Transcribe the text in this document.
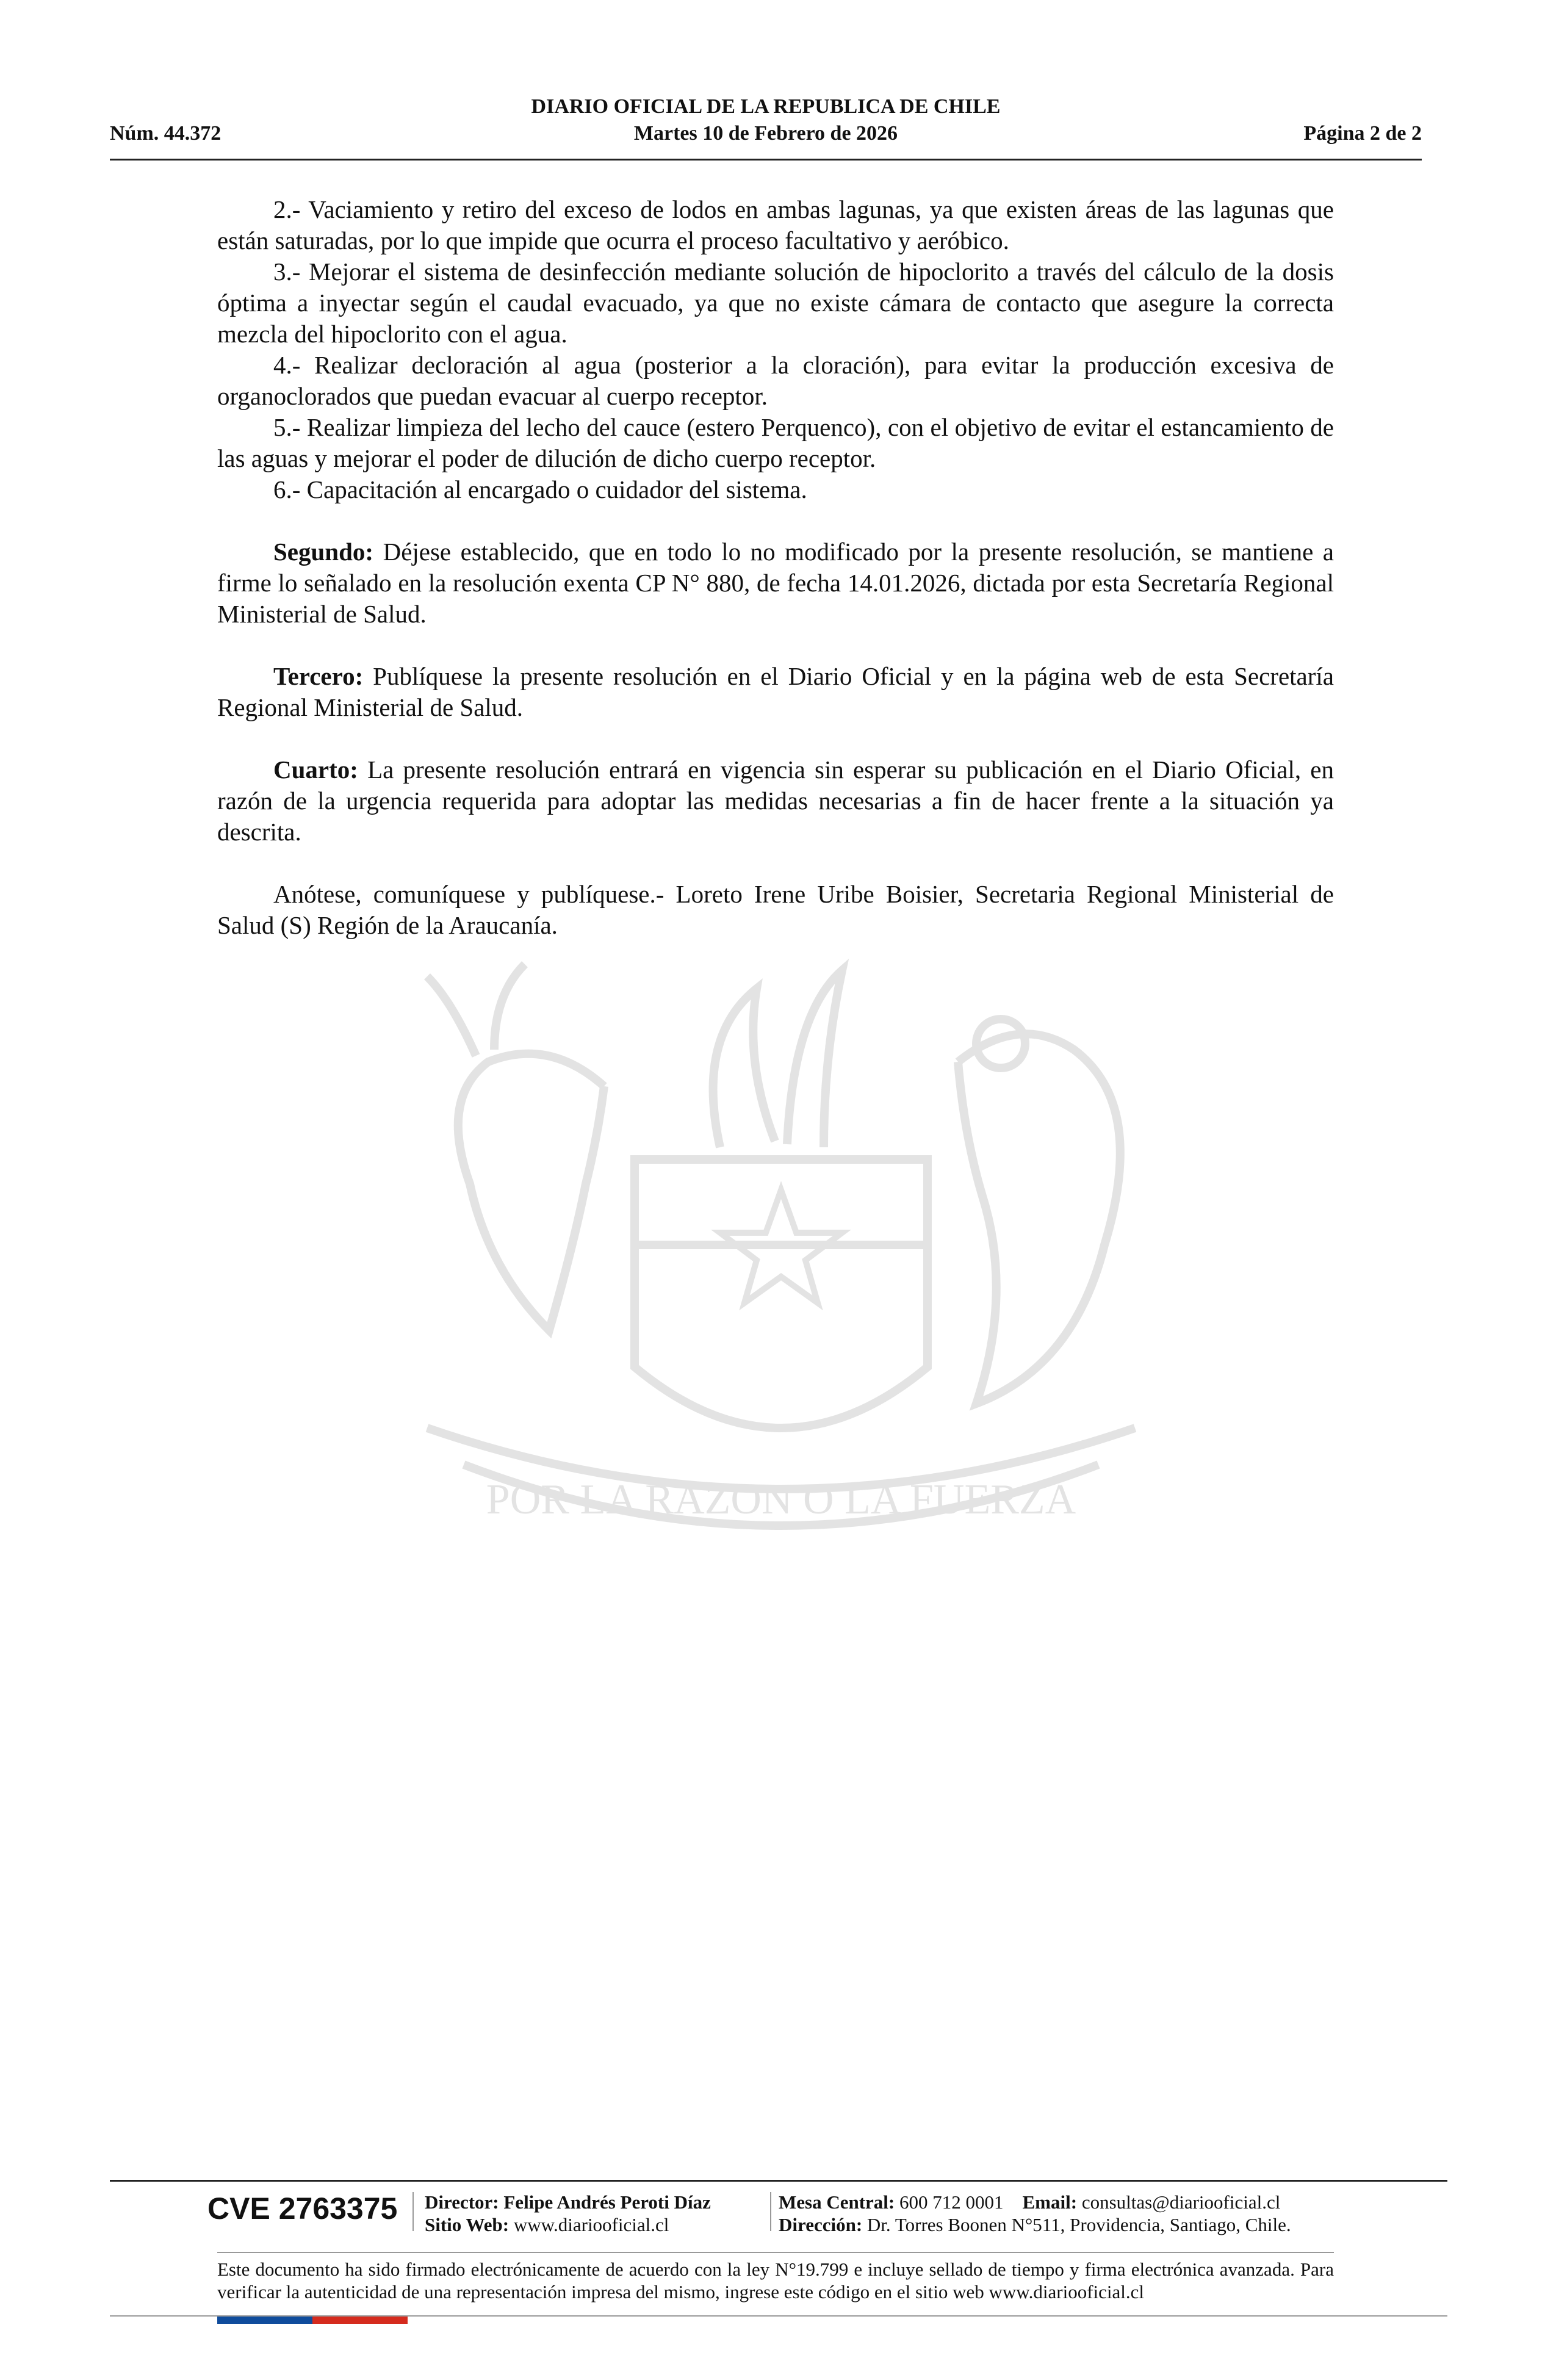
DIARIO OFICIAL DE LA REPUBLICA DE CHILE
Núm. 44.372	Martes 10 de Febrero de 2026	Página 2 de 2
POR LA RAZON O LA FUERZA

2.- Vaciamiento y retiro del exceso de lodos en ambas lagunas, ya que existen áreas de las lagunas que están saturadas, por lo que impide que ocurra el proceso facultativo y aeróbico.

3.- Mejorar el sistema de desinfección mediante solución de hipoclorito a través del cálculo de la dosis óptima a inyectar según el caudal evacuado, ya que no existe cámara de contacto que asegure la correcta mezcla del hipoclorito con el agua.

4.- Realizar decloración al agua (posterior a la cloración), para evitar la producción excesiva de organoclorados que puedan evacuar al cuerpo receptor.

5.- Realizar limpieza del lecho del cauce (estero Perquenco), con el objetivo de evitar el estancamiento de las aguas y mejorar el poder de dilución de dicho cuerpo receptor.

6.- Capacitación al encargado o cuidador del sistema.

Segundo: Déjese establecido, que en todo lo no modificado por la presente resolución, se mantiene a firme lo señalado en la resolución exenta CP N° 880, de fecha 14.01.2026, dictada por esta Secretaría Regional Ministerial de Salud.

Tercero: Publíquese la presente resolución en el Diario Oficial y en la página web de esta Secretaría Regional Ministerial de Salud.

Cuarto: La presente resolución entrará en vigencia sin esperar su publicación en el Diario Oficial, en razón de la urgencia requerida para adoptar las medidas necesarias a fin de hacer frente a la situación ya descrita.

Anótese, comuníquese y publíquese.- Loreto Irene Uribe Boisier, Secretaria Regional Ministerial de Salud (S) Región de la Araucanía.

CVE 2763375 Director: Felipe Andrés Peroti Díaz
Sitio Web: www.diariooficial.cl
Mesa Central: 600 712 0001 Email: consultas@diariooficial.cl
Dirección: Dr. Torres Boonen N°511, Providencia, Santiago, Chile.
Este documento ha sido firmado electrónicamente de acuerdo con la ley N°19.799 e incluye sellado de tiempo y firma electrónica avanzada. Para verificar la autenticidad de una representación impresa del mismo, ingrese este código en el sitio web www.diariooficial.cl
